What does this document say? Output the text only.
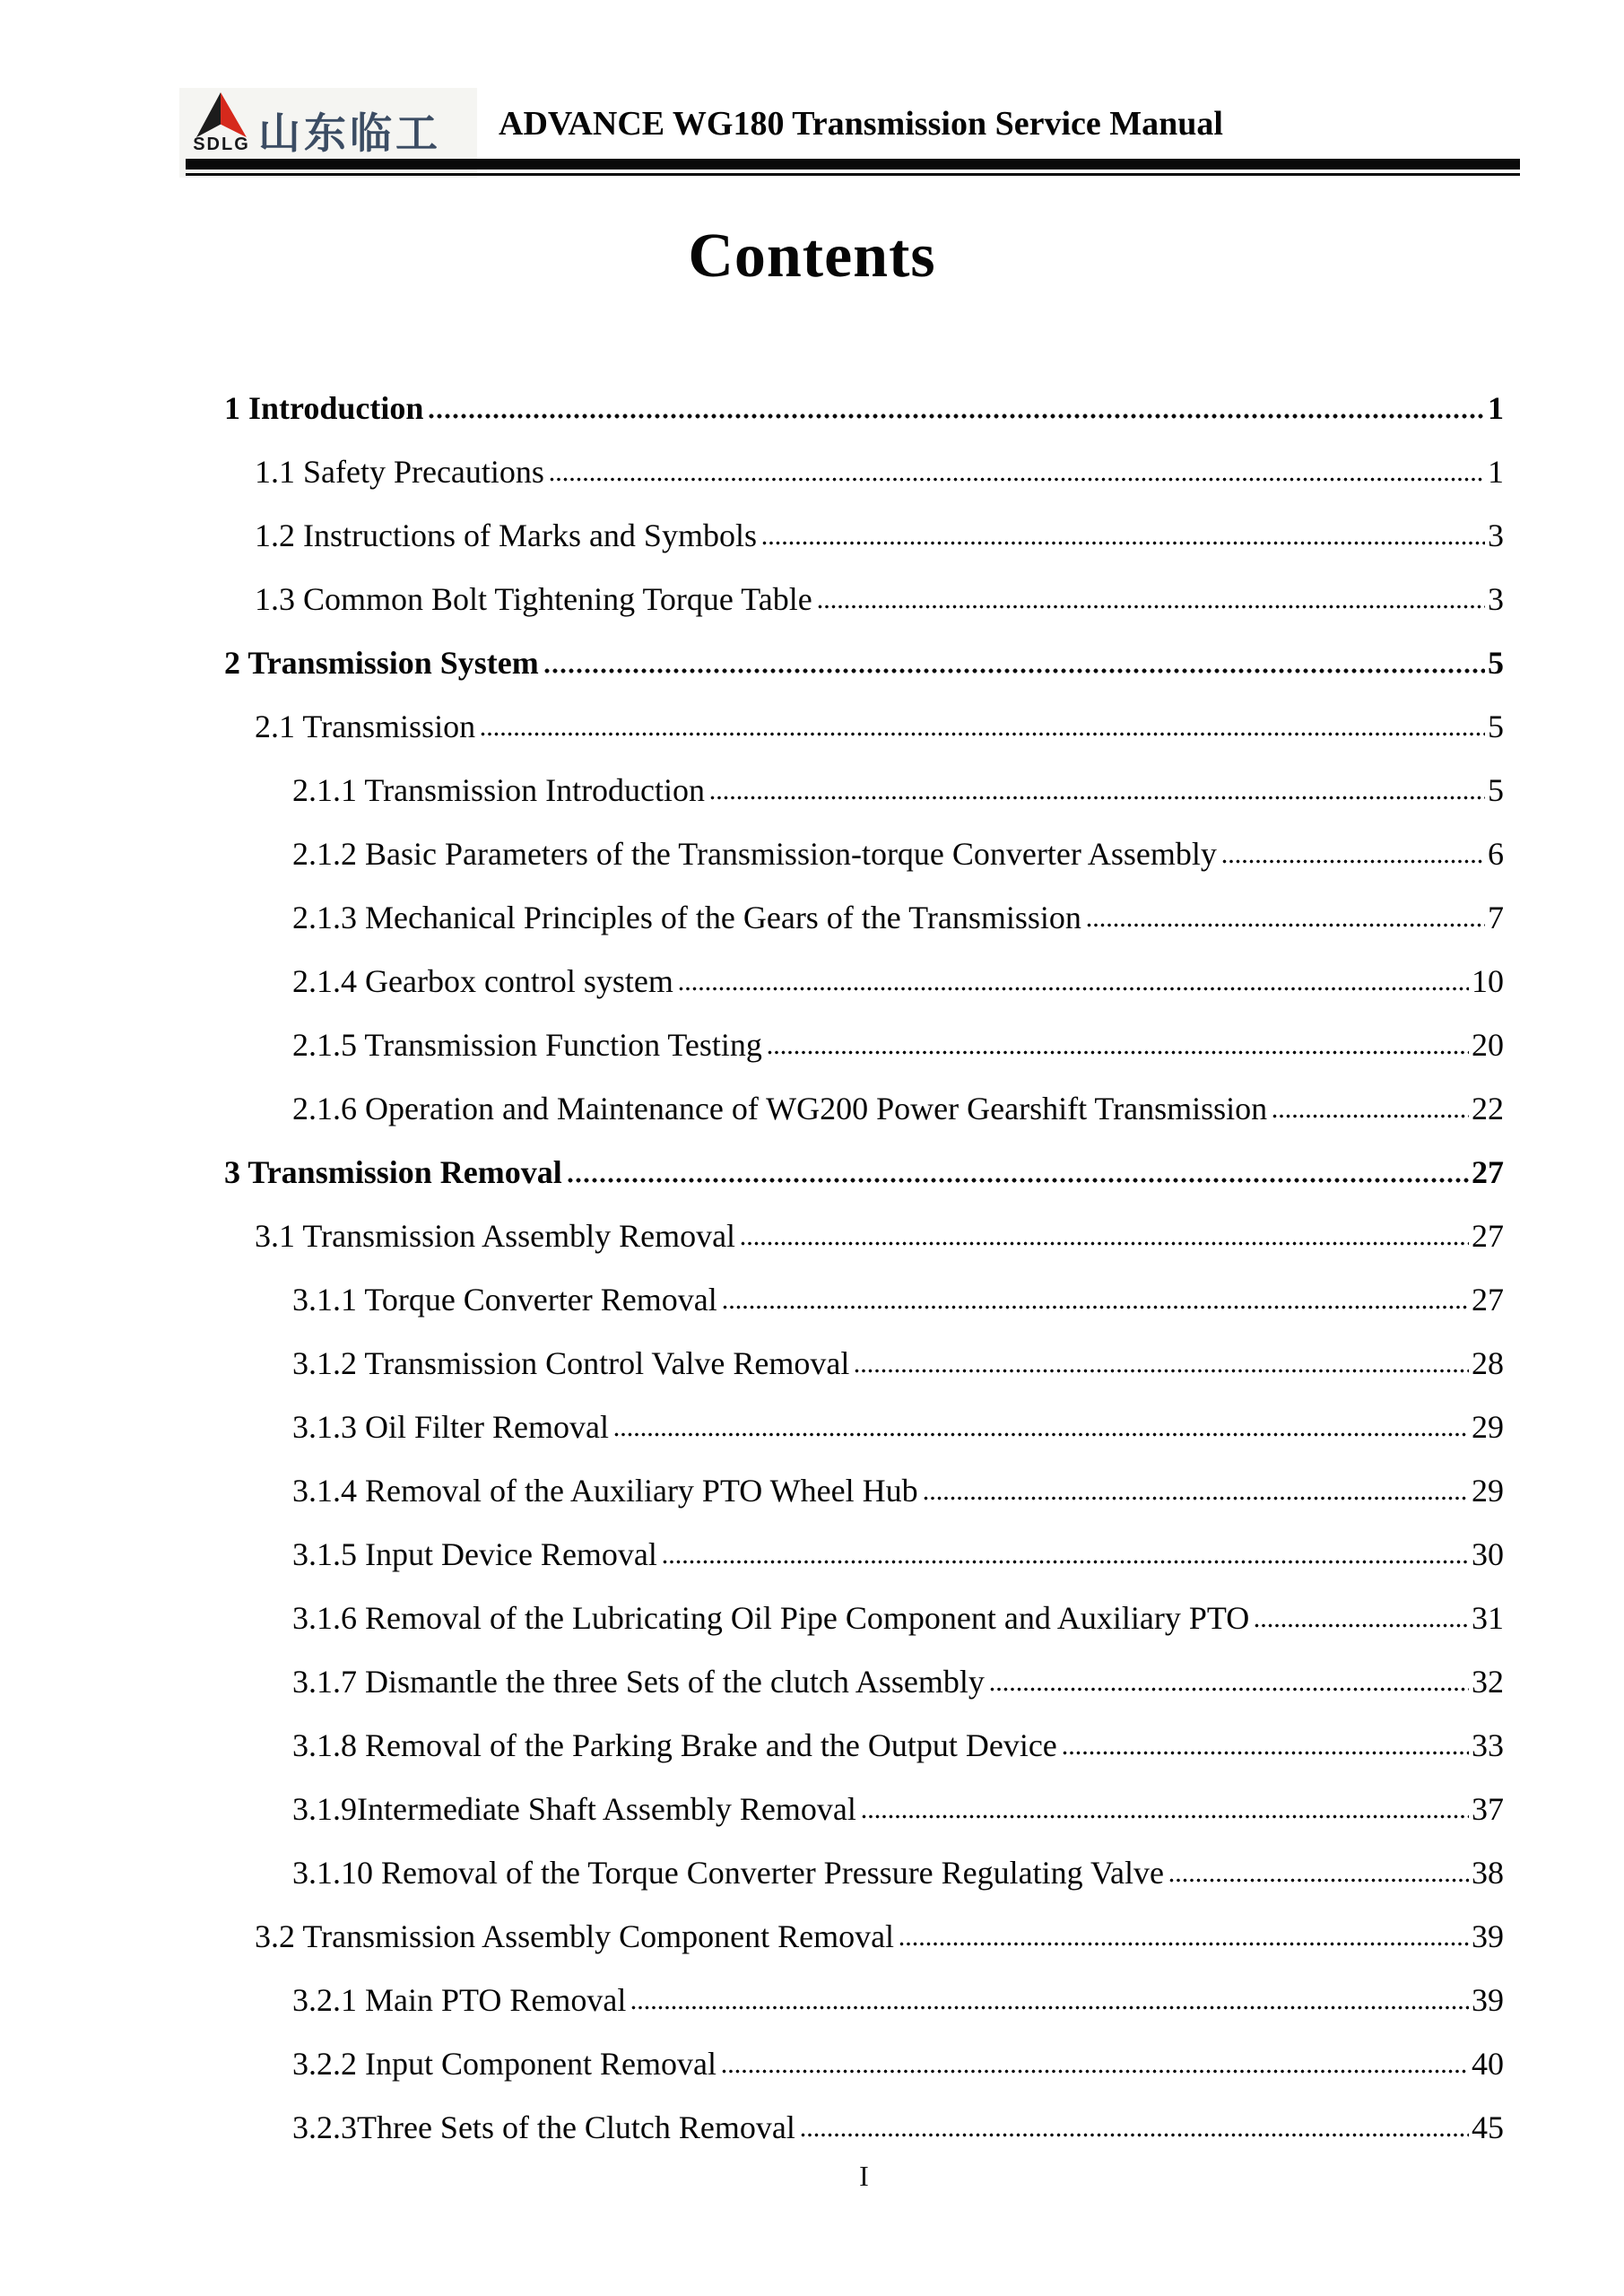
SDLG 山东临工 ADVANCE WG180 Transmission Service Manual
Contents
1 Introduction	1
1.1 Safety Precautions	1
1.2 Instructions of Marks and Symbols	3
1.3 Common Bolt Tightening Torque Table	3
2 Transmission System	5
2.1 Transmission	5
2.1.1 Transmission Introduction	5
2.1.2 Basic Parameters of the Transmission-torque Converter Assembly	6
2.1.3 Mechanical Principles of the Gears of the Transmission	7
2.1.4 Gearbox control system	10
2.1.5 Transmission Function Testing	20
2.1.6 Operation and Maintenance of WG200 Power Gearshift Transmission	22
3 Transmission Removal	27
3.1 Transmission Assembly Removal	27
3.1.1 Torque Converter Removal	27
3.1.2 Transmission Control Valve Removal	28
3.1.3 Oil Filter Removal	29
3.1.4 Removal of the Auxiliary PTO Wheel Hub	29
3.1.5 Input Device Removal	30
3.1.6 Removal of the Lubricating Oil Pipe Component and Auxiliary PTO	31
3.1.7 Dismantle the three Sets of the clutch Assembly	32
3.1.8 Removal of the Parking Brake and the Output Device	33
3.1.9Intermediate Shaft Assembly Removal	37
3.1.10 Removal of the Torque Converter Pressure Regulating Valve	38
3.2 Transmission Assembly Component Removal	39
3.2.1 Main PTO Removal	39
3.2.2 Input Component Removal	40
3.2.3Three Sets of the Clutch Removal	45
I
